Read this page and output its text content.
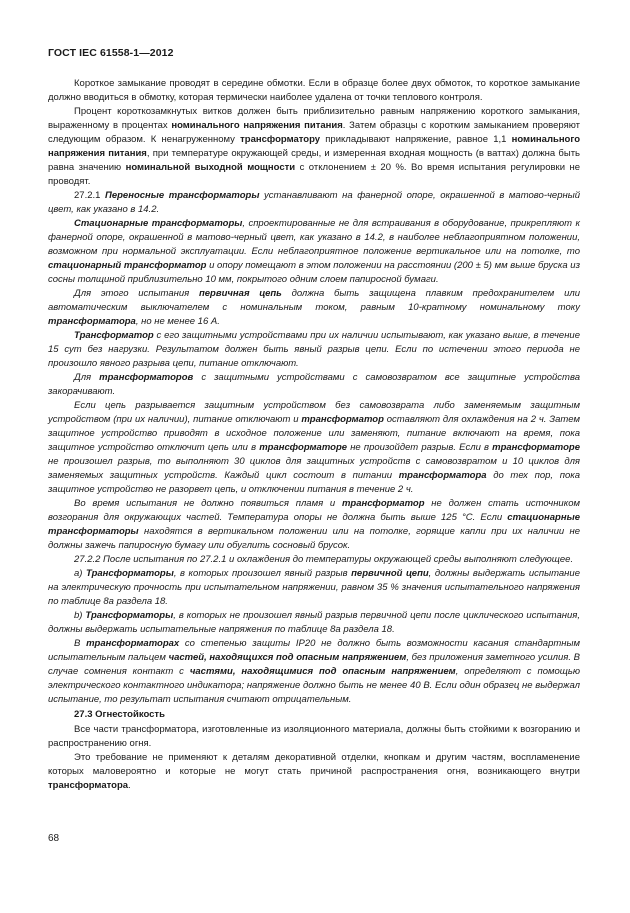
ГОСТ IEC 61558-1—2012

Короткое замыкание проводят в середине обмотки. Если в образце более двух обмоток, то короткое замыкание должно вводиться в обмотку, которая термически наиболее удалена от точки теплового контроля.

Процент короткозамкнутых витков должен быть приблизительно равным напряжению короткого замыкания, выраженному в процентах номинального напряжения питания. Затем образцы с коротким замыканием проверяют следующим образом. К ненагруженному трансформатору прикладывают напряжение, равное 1,1 номинального напряжения питания, при температуре окружающей среды, и измеренная входная мощность (в ваттах) должна быть равна значению номинальной выходной мощности с отклонением ± 20 %. Во время испытания регулировки не проводят.

27.2.1 Переносные трансформаторы устанавливают на фанерной опоре, окрашенной в матово-черный цвет, как указано в 14.2.

Стационарные трансформаторы, спроектированные не для встраивания в оборудование, прикрепляют к фанерной опоре, окрашенной в матово-черный цвет, как указано в 14.2, в наиболее неблагоприятном положении, возможном при нормальной эксплуатации. Если неблагоприятное положение вертикальное или на потолке, то стационарный трансформатор и опору помещают в этом положении на расстоянии (200 ± 5) мм выше бруска из сосны толщиной приблизительно 10 мм, покрытого одним слоем папиросной бумаги.

Для этого испытания первичная цепь должна быть защищена плавким предохранителем или автоматическим выключателем с номинальным током, равным 10-кратному номинальному току трансформатора, но не менее 16 А.

Трансформатор с его защитными устройствами при их наличии испытывают, как указано выше, в течение 15 сут без нагрузки. Результатом должен быть явный разрыв цепи. Если по истечении этого периода не произошло явного разрыва цепи, питание отключают.

Для трансформаторов с защитными устройствами с самовозвратом все защитные устройства закорачивают.

Если цепь разрывается защитным устройством без самовозврата либо заменяемым защитным устройством (при их наличии), питание отключают и трансформатор оставляют для охлаждения на 2 ч. Затем защитное устройство приводят в исходное положение или заменяют, питание включают на время, пока защитное устройство отключит цепь или в трансформаторе не произойдет разрыв. Если в трансформаторе не произошел разрыв, то выполняют 30 циклов для защитных устройств с самовозвратом и 10 циклов для заменяемых защитных устройств. Каждый цикл состоит в питании трансформатора до тех пор, пока защитное устройство не разорвет цепь, и отключении питания в течение 2 ч.

Во время испытания не должно появиться пламя и трансформатор не должен стать источником возгорания для окружающих частей. Температура опоры не должна быть выше 125 °С. Если стационарные трансформаторы находятся в вертикальном положении или на потолке, горящие капли при их наличии не должны зажечь папиросную бумагу или обуглить сосновый брусок.

27.2.2 После испытания по 27.2.1 и охлаждения до температуры окружающей среды выполняют следующее.

а) Трансформаторы, в которых произошел явный разрыв первичной цепи, должны выдержать испытание на электрическую прочность при испытательном напряжении, равном 35 % значения испытательного напряжения по таблице 8а раздела 18.

b) Трансформаторы, в которых не произошел явный разрыв первичной цепи после циклического испытания, должны выдержать испытательные напряжения по таблице 8а раздела 18.

В трансформаторах со степенью защиты IP20 не должно быть возможности касания стандартным испытательным пальцем частей, находящихся под опасным напряжением, без приложения заметного усилия. В случае сомнения контакт с частями, находящимися под опасным напряжением, определяют с помощью электрического контактного индикатора; напряжение должно быть не менее 40 В. Если один образец не выдержал испытание, то результат испытания считают отрицательным.

27.3 Огнестойкость

Все части трансформатора, изготовленные из изоляционного материала, должны быть стойкими к возгоранию и распространению огня.

Это требование не применяют к деталям декоративной отделки, кнопкам и другим частям, воспламенение которых маловероятно и которые не могут стать причиной распространения огня, возникающего внутри трансформатора.

68
